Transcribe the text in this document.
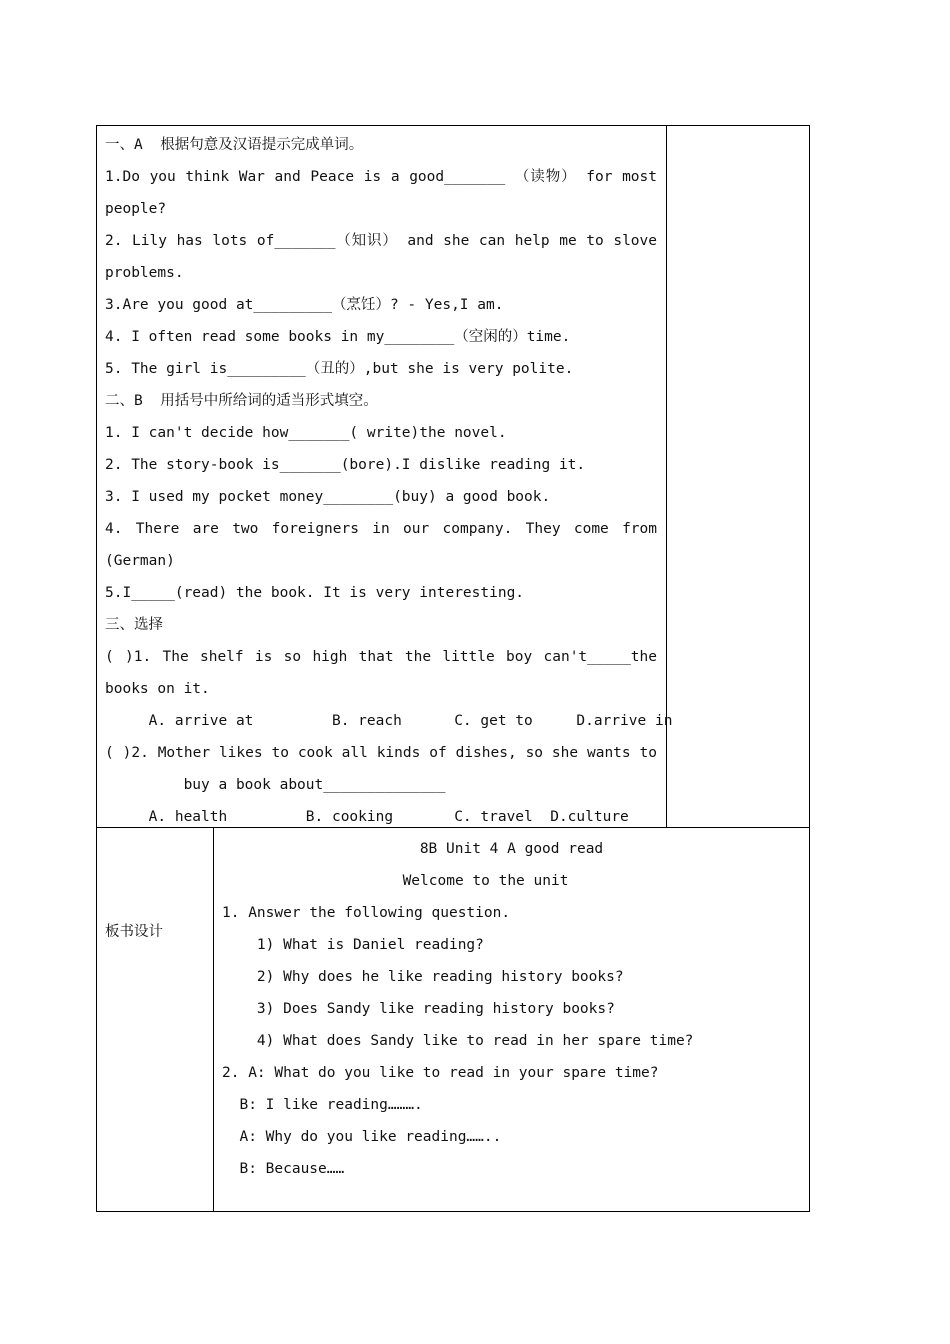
一、A  根据句意及汉语提示完成单词。
1.Do you think War and Peace is a good_______ （读物） for most
people?
2. Lily has lots of_______（知识） and she can help me to slove
problems.
3.Are you good at_________（烹饪）? - Yes,I am.
4. I often read some books in my________（空闲的）time.
5. The girl is_________（丑的）,but she is very polite.
二、B  用括号中所给词的适当形式填空。
1. I can't decide how_______( write)the novel.
2. The story-book is_______(bore).I dislike reading it.
3. I used my pocket money________(buy) a good book.
4. There are two foreigners in our company. They come from
(German)
5.I_____(read) the book. It is very interesting.
三、选择
( )1. The shelf is so high that the little boy can't_____the
books on it.
A. arrive at         B. reach      C. get to     D.arrive in
( )2. Mother likes to cook all kinds of dishes, so she wants to
buy a book about______________
A. health         B. cooking       C. travel  D.culture
板书设计
8B Unit 4 A good read
Welcome to the unit
1. Answer the following question.
1) What is Daniel reading?
2) Why does he like reading history books?
3) Does Sandy like reading history books?
4) What does Sandy like to read in her spare time?
2. A: What do you like to read in your spare time?
B: I like reading……….
A: Why do you like reading……..
B: Because……
